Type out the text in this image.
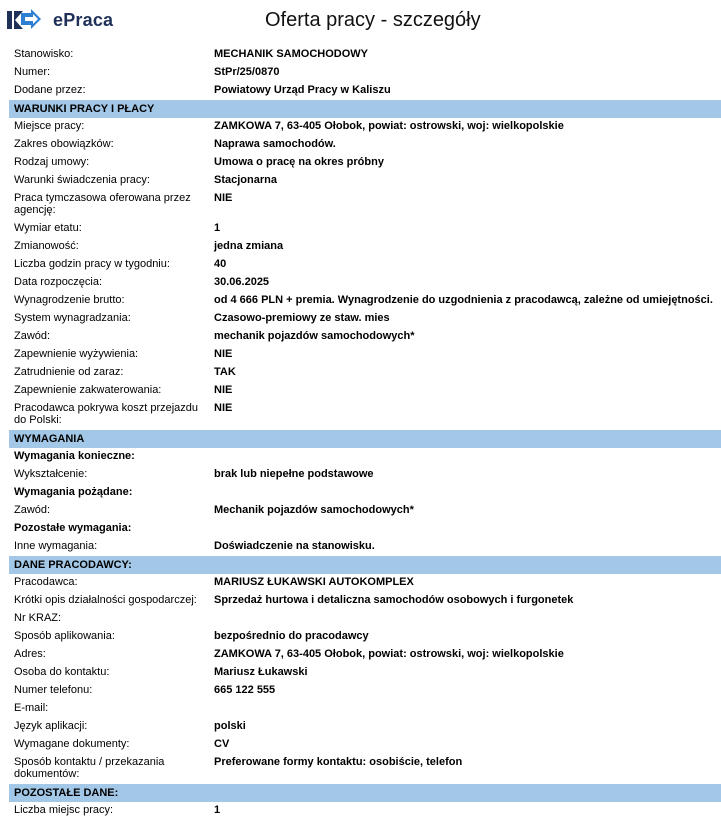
ePraca	Oferta pracy - szczegóły
Stanowisko:	MECHANIK SAMOCHODOWY
Numer:	StPr/25/0870
Dodane przez:	Powiatowy Urząd Pracy w Kaliszu
WARUNKI PRACY I PŁACY
Miejsce pracy:	ZAMKOWA 7, 63-405 Ołobok, powiat: ostrowski, woj: wielkopolskie
Zakres obowiązków:	Naprawa samochodów.
Rodzaj umowy:	Umowa o pracę na okres próbny
Warunki świadczenia pracy:	Stacjonarna
Praca tymczasowa oferowana przez agencję:
NIE
Wymiar etatu:	1
Zmianowość:	jedna zmiana
Liczba godzin pracy w tygodniu:	40
Data rozpoczęcia:	30.06.2025
Wynagrodzenie brutto:	od 4 666 PLN + premia. Wynagrodzenie do uzgodnienia z pracodawcą, zależne od umiejętności.
System wynagradzania:	Czasowo-premiowy ze staw. mies
Zawód:	mechanik pojazdów samochodowych*
Zapewnienie wyżywienia:	NIE
Zatrudnienie od zaraz:	TAK
Zapewnienie zakwaterowania:	NIE
Pracodawca pokrywa koszt przejazdu do Polski:
NIE
WYMAGANIA
Wymagania konieczne:
Wykształcenie:	brak lub niepełne podstawowe
Wymagania pożądane:
Zawód:	Mechanik pojazdów samochodowych*
Pozostałe wymagania:
Inne wymagania:	Doświadczenie na stanowisku.
DANE PRACODAWCY:
Pracodawca:	MARIUSZ ŁUKAWSKI AUTOKOMPLEX
Krótki opis działalności gospodarczej:	Sprzedaż hurtowa i detaliczna samochodów osobowych i furgonetek
Nr KRAZ:
Sposób aplikowania:	bezpośrednio do pracodawcy
Adres:	ZAMKOWA 7, 63-405 Ołobok, powiat: ostrowski, woj: wielkopolskie
Osoba do kontaktu:	Mariusz Łukawski
Numer telefonu:	665 122 555
E-mail:
Język aplikacji:	polski
Wymagane dokumenty:	CV
Sposób kontaktu / przekazania dokumentów:
Preferowane formy kontaktu: osobiście, telefon
POZOSTAŁE DANE:
Liczba miejsc pracy:	1
